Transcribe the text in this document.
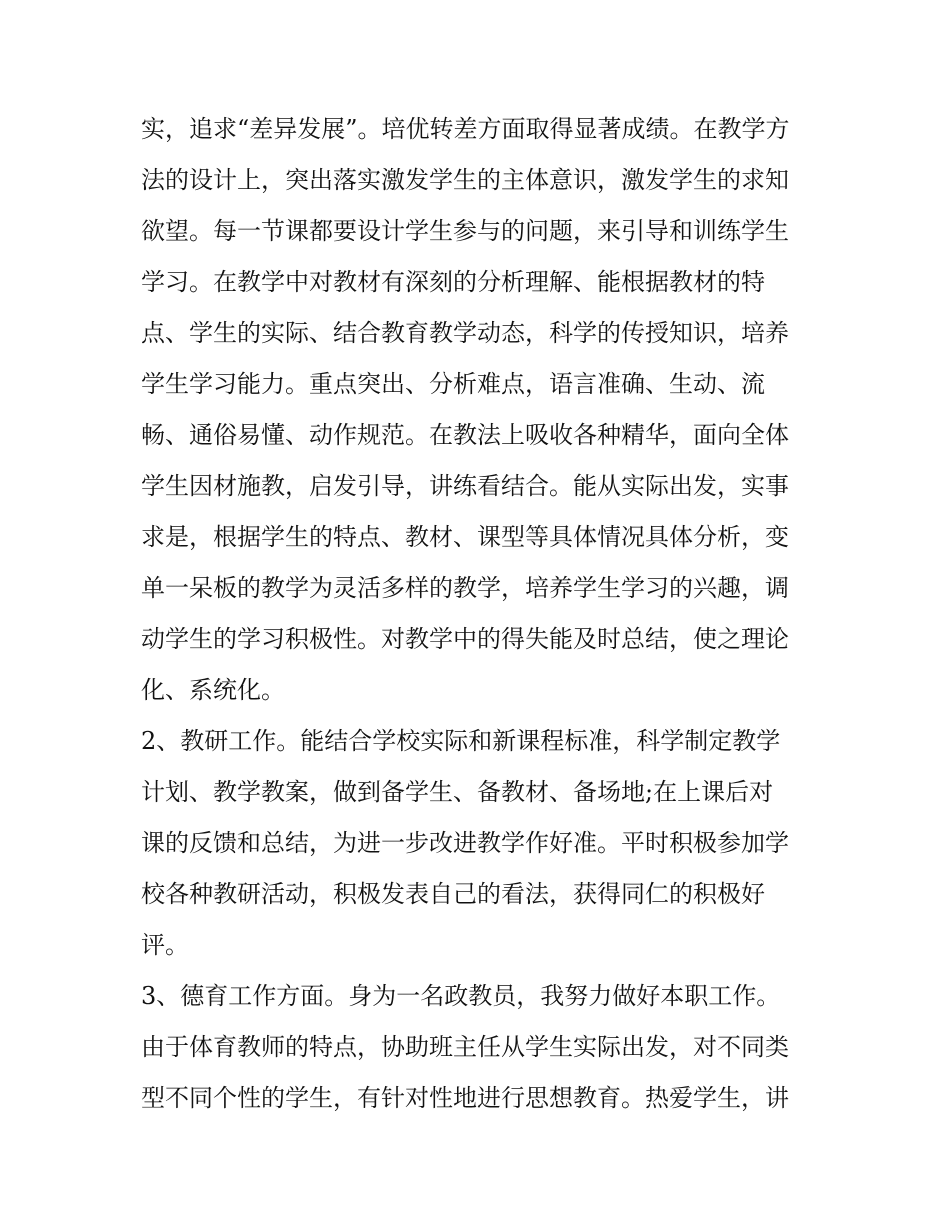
实，追求“差异发展”。培优转差方面取得显著成绩。在教学方
法的设计上，突出落实激发学生的主体意识，激发学生的求知
欲望。每一节课都要设计学生参与的问题，来引导和训练学生
学习。在教学中对教材有深刻的分析理解、能根据教材的特
点、学生的实际、结合教育教学动态，科学的传授知识，培养
学生学习能力。重点突出、分析难点，语言准确、生动、流
畅、通俗易懂、动作规范。在教法上吸收各种精华，面向全体
学生因材施教，启发引导，讲练看结合。能从实际出发，实事
求是，根据学生的特点、教材、课型等具体情况具体分析，变
单一呆板的教学为灵活多样的教学，培养学生学习的兴趣，调
动学生的学习积极性。对教学中的得失能及时总结，使之理论
化、系统化。
2、教研工作。能结合学校实际和新课程标准，科学制定教学
计划、教学教案，做到备学生、备教材、备场地;在上课后对
课的反馈和总结，为进一步改进教学作好准。平时积极参加学
校各种教研活动，积极发表自己的看法，获得同仁的积极好
评。
3、德育工作方面。身为一名政教员，我努力做好本职工作。
由于体育教师的特点，协助班主任从学生实际出发，对不同类
型不同个性的学生，有针对性地进行思想教育。热爱学生，讲
